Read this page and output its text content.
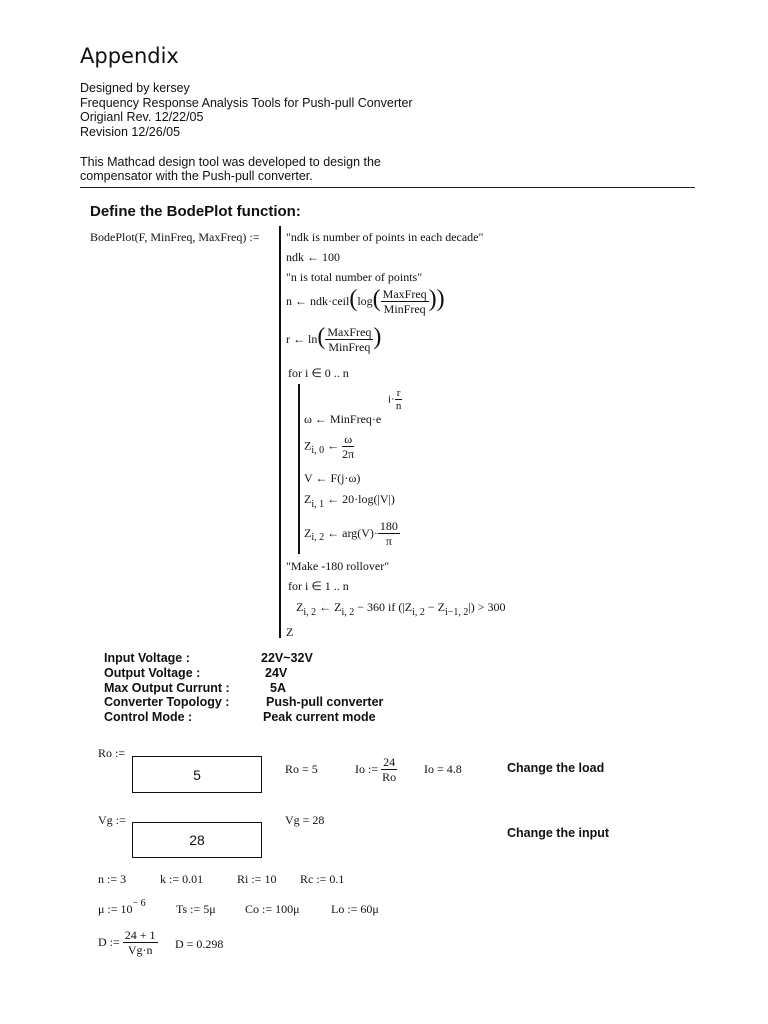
Appendix
Designed by kersey
Frequency Response Analysis Tools for Push-pull Converter
Origianl Rev. 12/22/05
Revision 12/26/05
This Mathcad design tool was developed to design the
compensator with the Push-pull converter.
Define the BodePlot function:
BodePlot(F, MinFreq, MaxFreq) := "ndk is number of points in each decade"
ndk ← 100
"n is total number of points"
n ← ndk·ceil(log( $\frac{\text{MaxFreq}}{\text{MinFreq}}$ ))
r ← $\ln( \frac{\text{MaxFreq}}{\text{MinFreq}}$ )
for i ∈ 0 .. n
$i\cdot \frac{r}{n}$
ω ← MinFreq·e
$Z_{i, 0}$ ← $\frac{\omega}{2\pi}$
V ← F(j·ω)
$Z_{i, 1}$ ← 20·log(|V|)
$Z_{i, 2}$ ← $arg(V)\cdot \frac{180}{\pi}$
"Make -180 rollover"
for i ∈ 1 .. n
$Z_{i, 2}$ ← $Z_{i, 2} - 360$ if $(|Z_{i, 2} - Z_{i-1, 2}|) > 300$
Z
Input Voltage :	22V~32V
Output Voltage :	24V
Max Output Currunt :	5A
Converter Topology :	Push-pull converter
Control Mode :	Peak current mode
Ro :=
5	Ro = 5	Io := $\frac{24}{Ro}$ Io = 4.8	Change the load
Vg :=
28
Vg = 28
Change the input
n := 3	k := 0.01	Ri := 10 Rc := 0.1
μ := $10^{- 6}$	Ts := 5μ Co := 100μ	Lo := 60μ
D := $\frac{24 + 1}{Vg\cdot n}$ D = 0.298
